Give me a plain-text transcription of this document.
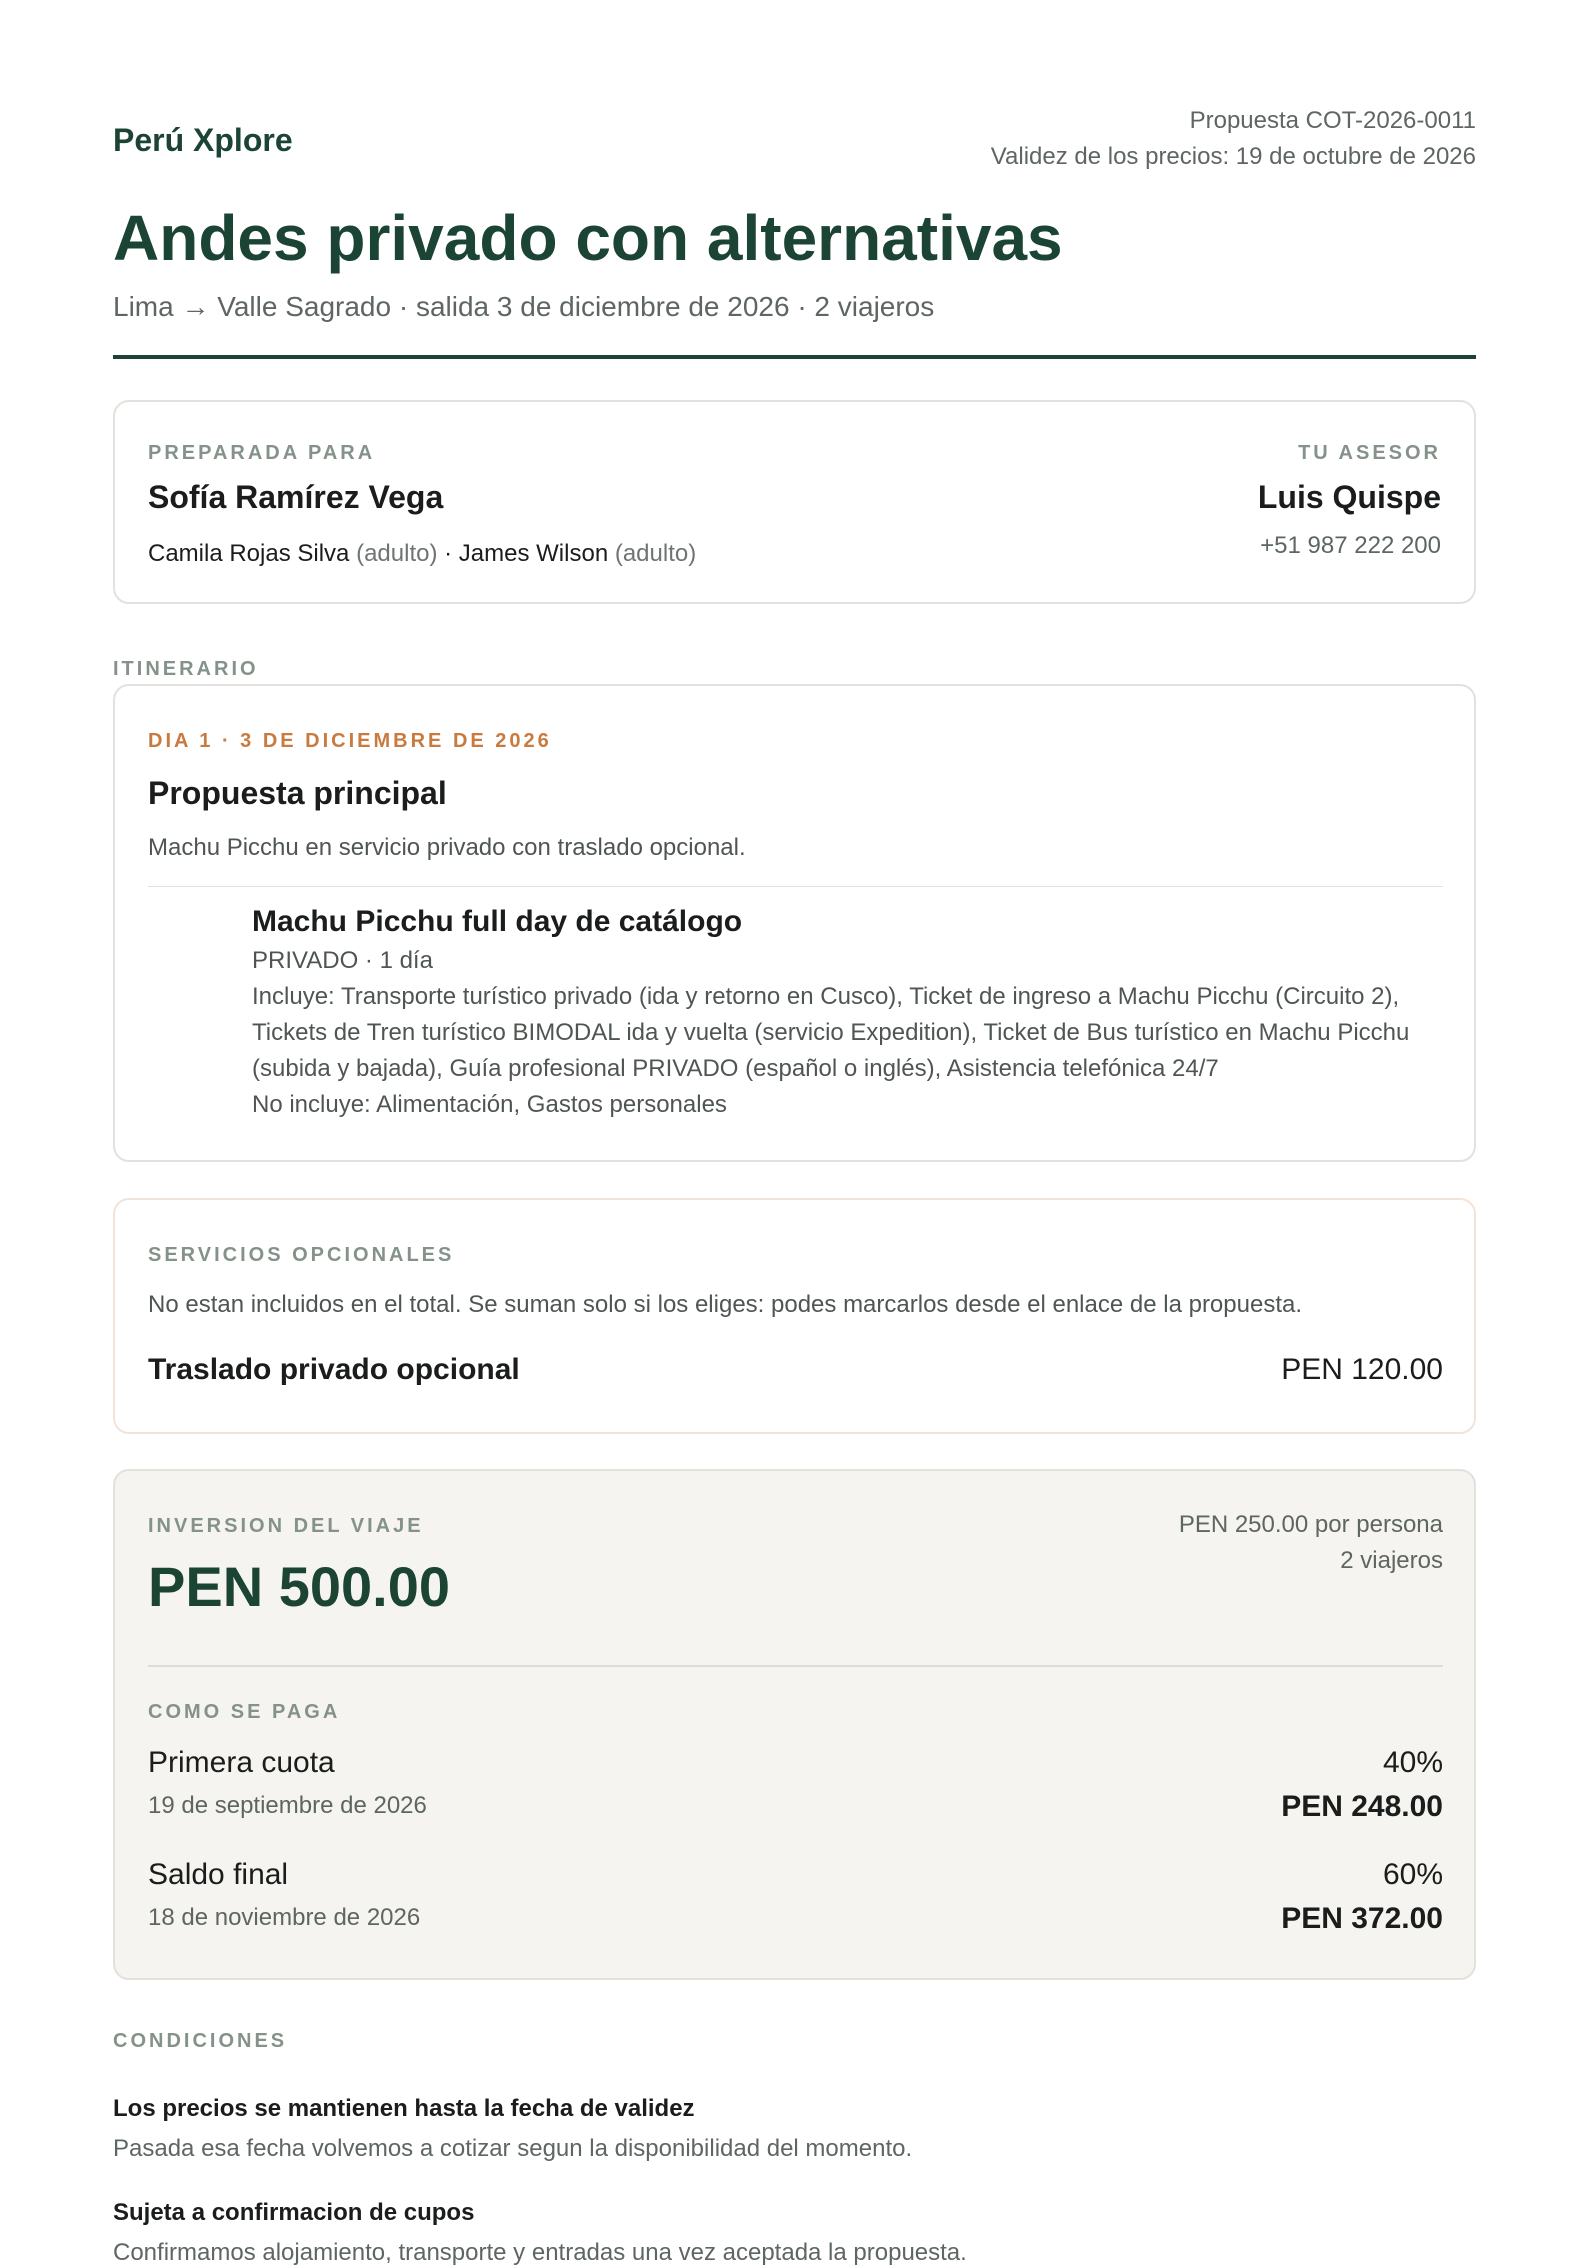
Perú Xplore
Propuesta COT-2026-0011
Validez de los precios: 19 de octubre de 2026
Andes privado con alternativas
Lima → Valle Sagrado · salida 3 de diciembre de 2026 · 2 viajeros
PREPARADA PARA
Sofía Ramírez Vega
Camila Rojas Silva (adulto) · James Wilson (adulto)
TU ASESOR
Luis Quispe
+51 987 222 200
ITINERARIO
DIA 1 · 3 DE DICIEMBRE DE 2026
Propuesta principal
Machu Picchu en servicio privado con traslado opcional.
Machu Picchu full day de catálogo
PRIVADO · 1 día
Incluye: Transporte turístico privado (ida y retorno en Cusco), Ticket de ingreso a Machu Picchu (Circuito 2),
Tickets de Tren turístico BIMODAL ida y vuelta (servicio Expedition), Ticket de Bus turístico en Machu Picchu
(subida y bajada), Guía profesional PRIVADO (español o inglés), Asistencia telefónica 24/7
No incluye: Alimentación, Gastos personales
SERVICIOS OPCIONALES
No estan incluidos en el total. Se suman solo si los eliges: podes marcarlos desde el enlace de la propuesta.
Traslado privado opcional	PEN 120.00
INVERSION DEL VIAJE
PEN 500.00
PEN 250.00 por persona
2 viajeros
COMO SE PAGA
Primera cuota
19 de septiembre de 2026
40%
PEN 248.00
Saldo final
18 de noviembre de 2026
60%
PEN 372.00
CONDICIONES
Los precios se mantienen hasta la fecha de validez
Pasada esa fecha volvemos a cotizar segun la disponibilidad del momento.
Sujeta a confirmacion de cupos
Confirmamos alojamiento, transporte y entradas una vez aceptada la propuesta.
